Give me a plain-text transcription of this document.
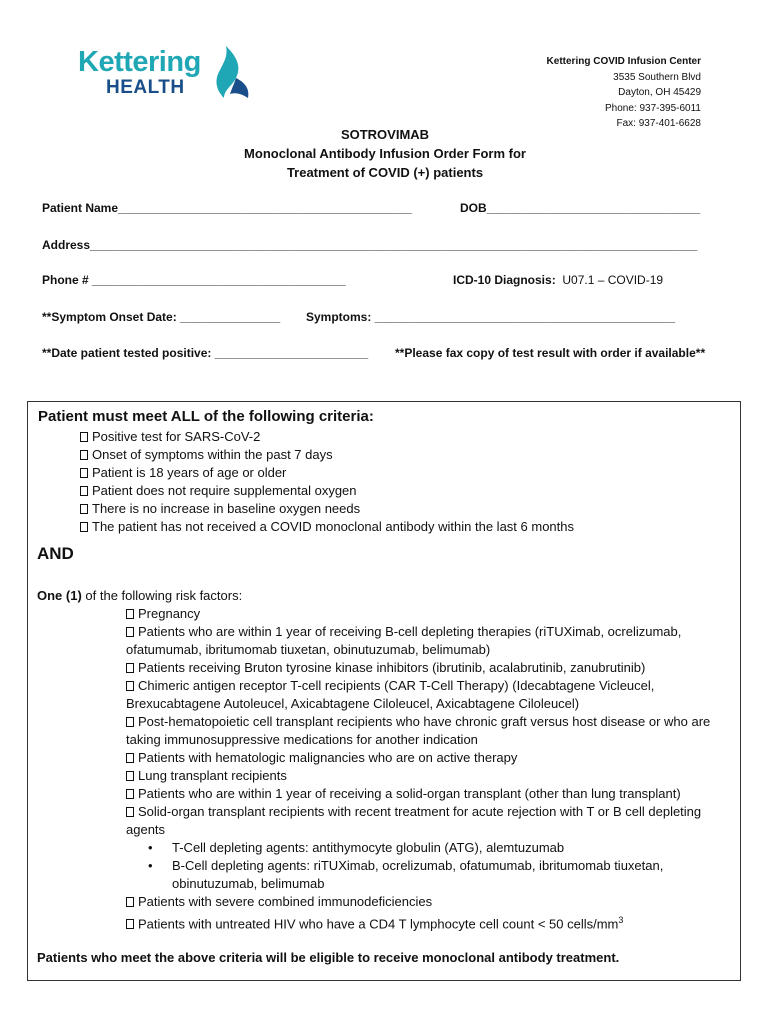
Kettering
HEALTH
Kettering COVID Infusion Center
3535 Southern Blvd
Dayton, OH 45429
Phone: 937-395-6011
Fax: 937-401-6628
SOTROVIMAB
Monoclonal Antibody Infusion Order Form for
Treatment of COVID (+) patients
Patient Name____________________________________________	DOB________________________________
Address___________________________________________________________________________________________
Phone # ______________________________________	ICD-10 Diagnosis: U07.1 – COVID-19
**Symptom Onset Date: _______________ Symptoms: _____________________________________________
**Date patient tested positive: _______________________ **Please fax copy of test result with order if available**
Patient must meet ALL of the following criteria:
Positive test for SARS-CoV-2
Onset of symptoms within the past 7 days
Patient is 18 years of age or older
Patient does not require supplemental oxygen
There is no increase in baseline oxygen needs
The patient has not received a COVID monoclonal antibody within the last 6 months
AND
One (1) of the following risk factors:
Pregnancy
Patients who are within 1 year of receiving B-cell depleting therapies (riTUXimab, ocrelizumab, ofatumumab, ibritumomab tiuxetan, obinutuzumab, belimumab)
Patients receiving Bruton tyrosine kinase inhibitors (ibrutinib, acalabrutinib, zanubrutinib)
Chimeric antigen receptor T-cell recipients (CAR T-Cell Therapy) (Idecabtagene Vicleucel, Brexucabtagene Autoleucel, Axicabtagene Ciloleucel, Axicabtagene Ciloleucel)
Post-hematopoietic cell transplant recipients who have chronic graft versus host disease or who are taking immunosuppressive medications for another indication
Patients with hematologic malignancies who are on active therapy
Lung transplant recipients
Patients who are within 1 year of receiving a solid-organ transplant (other than lung transplant)
Solid-organ transplant recipients with recent treatment for acute rejection with T or B cell depleting agents
• T-Cell depleting agents: antithymocyte globulin (ATG), alemtuzumab
• B-Cell depleting agents: riTUXimab, ocrelizumab, ofatumumab, ibritumomab tiuxetan, obinutuzumab, belimumab
Patients with severe combined immunodeficiencies
Patients with untreated HIV who have a CD4 T lymphocyte cell count < 50 cells/$mm^3$
Patients who meet the above criteria will be eligible to receive monoclonal antibody treatment.
